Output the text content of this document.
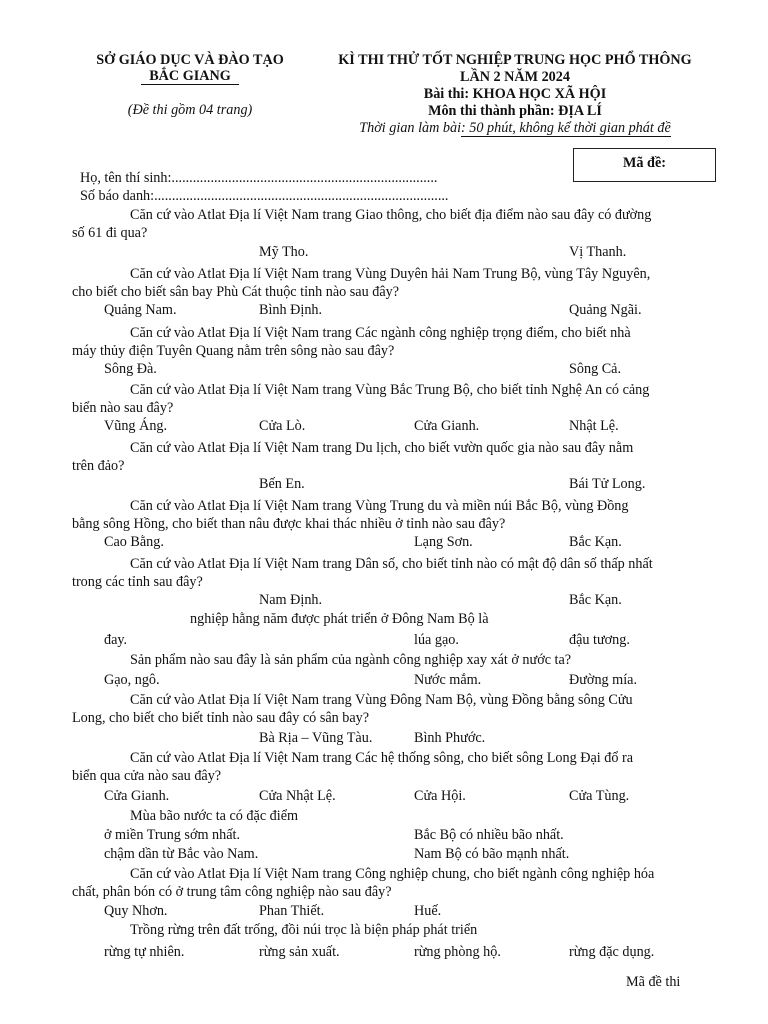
SỞ GIÁO DỤC VÀ ĐÀO TẠO
BẮC GIANG
(Đề thi gồm 04 trang)
KÌ THI THỬ TỐT NGHIỆP TRUNG HỌC PHỔ THÔNG
LẦN 2 NĂM 2024
Bài thi: KHOA HỌC XÃ HỘI
Môn thi thành phần: ĐỊA LÍ
Thời gian làm bài: 50 phút, không kể thời gian phát đề
Mã đề:
Họ, tên thí sinh:...........................................................................
Số báo danh:...................................................................................
Căn cứ vào Atlat Địa lí Việt Nam trang Giao thông, cho biết địa điểm nào sau đây có đường
số 61 đi qua?
Mỹ Tho.	Vị Thanh.
Căn cứ vào Atlat Địa lí Việt Nam trang Vùng Duyên hải Nam Trung Bộ, vùng Tây Nguyên,
cho biết cho biết sân bay Phù Cát thuộc tỉnh nào sau đây?
Quảng Nam.	Bình Định.	Quảng Ngãi.
Căn cứ vào Atlat Địa lí Việt Nam trang Các ngành công nghiệp trọng điểm, cho biết nhà
máy thủy điện Tuyên Quang nằm trên sông nào sau đây?
Sông Đà.	Sông Cả.
Căn cứ vào Atlat Địa lí Việt Nam trang Vùng Bắc Trung Bộ, cho biết tỉnh Nghệ An có cảng
biển nào sau đây?
Vũng Áng.	Cửa Lò.	Cửa Gianh.	Nhật Lệ.
Căn cứ vào Atlat Địa lí Việt Nam trang Du lịch, cho biết vườn quốc gia nào sau đây nằm
trên đảo?
Bến En.	Bái Tử Long.
Căn cứ vào Atlat Địa lí Việt Nam trang Vùng Trung du và miền núi Bắc Bộ, vùng Đồng
bằng sông Hồng, cho biết than nâu được khai thác nhiều ở tỉnh nào sau đây?
Cao Bằng.	Lạng Sơn.	Bắc Kạn.
Căn cứ vào Atlat Địa lí Việt Nam trang Dân số, cho biết tỉnh nào có mật độ dân số thấp nhất
trong các tỉnh sau đây?
Nam Định.	Bắc Kạn.
nghiệp hằng năm được phát triển ở Đông Nam Bộ là
đay.	lúa gạo.	đậu tương.
Sản phẩm nào sau đây là sản phẩm của ngành công nghiệp xay xát ở nước ta?
Gạo, ngô.	Nước mắm.	Đường mía.
Căn cứ vào Atlat Địa lí Việt Nam trang Vùng Đông Nam Bộ, vùng Đồng bằng sông Cửu
Long, cho biết cho biết tỉnh nào sau đây có sân bay?
Bà Rịa – Vũng Tàu.	Bình Phước.
Căn cứ vào Atlat Địa lí Việt Nam trang Các hệ thống sông, cho biết sông Long Đại đổ ra
biển qua cửa nào sau đây?
Cửa Gianh.	Cửa Nhật Lệ.	Cửa Hội.	Cửa Tùng.
Mùa bão nước ta có đặc điểm
ở miền Trung sớm nhất.	Bắc Bộ có nhiều bão nhất.
chậm dần từ Bắc vào Nam.	Nam Bộ có bão mạnh nhất.
Căn cứ vào Atlat Địa lí Việt Nam trang Công nghiệp chung, cho biết ngành công nghiệp hóa
chất, phân bón có ở trung tâm công nghiệp nào sau đây?
Quy Nhơn.	Phan Thiết.	Huế.
Trồng rừng trên đất trống, đồi núi trọc là biện pháp phát triển
rừng tự nhiên.	rừng sản xuất.	rừng phòng hộ.	rừng đặc dụng.
Mã đề thi
